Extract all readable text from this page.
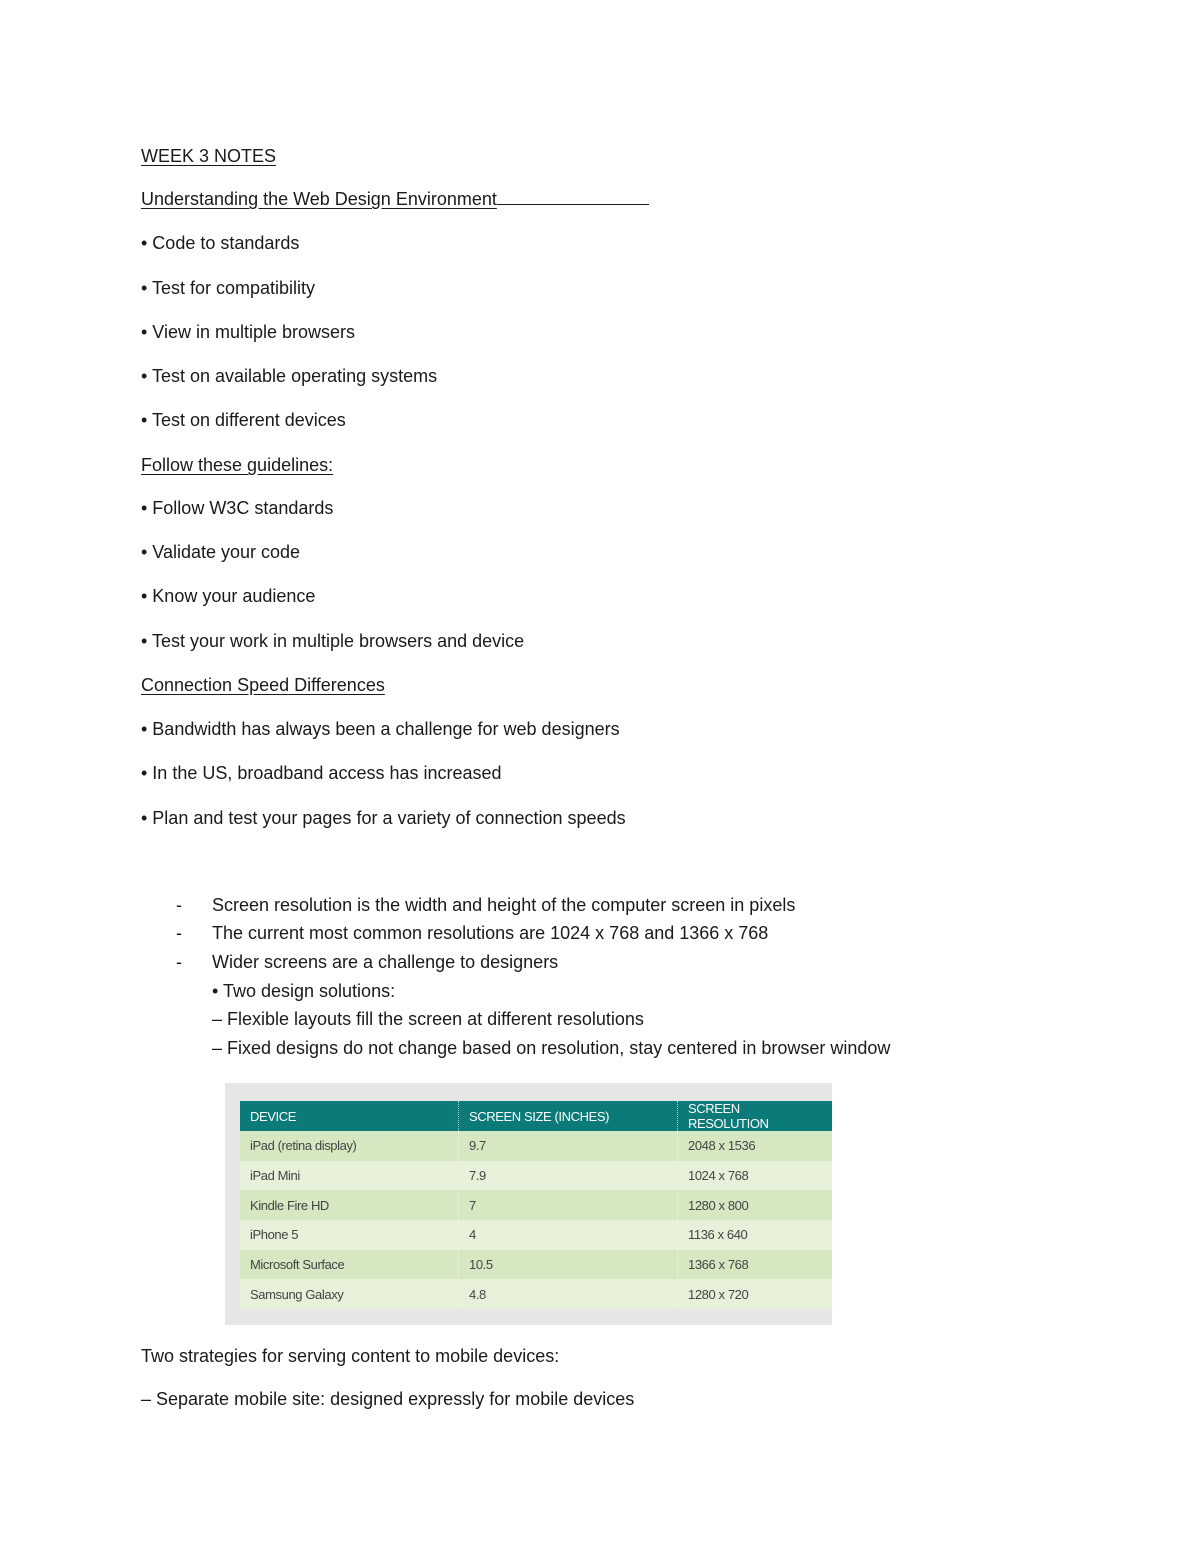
WEEK 3 NOTES
Understanding the Web Design Environment
• Code to standards
• Test for compatibility
• View in multiple browsers
• Test on available operating systems
• Test on different devices
Follow these guidelines:
• Follow W3C standards
• Validate your code
• Know your audience
• Test your work in multiple browsers and device
Connection Speed Differences
• Bandwidth has always been a challenge for web designers
• In the US, broadband access has increased
• Plan and test your pages for a variety of connection speeds
- Screen resolution is the width and height of the computer screen in pixels
- The current most common resolutions are 1024 x 768 and 1366 x 768
- Wider screens are a challenge to designers
• Two design solutions:
– Flexible layouts fill the screen at different resolutions
– Fixed designs do not change based on resolution, stay centered in browser window
DEVICE	SCREEN SIZE (INCHES)	SCREEN RESOLUTION
iPad (retina display)	9.7	2048 x 1536
iPad Mini	7.9	1024 x 768
Kindle Fire HD	7	1280 x 800
iPhone 5	4	1136 x 640
Microsoft Surface	10.5	1366 x 768
Samsung Galaxy	4.8	1280 x 720
Two strategies for serving content to mobile devices:
– Separate mobile site: designed expressly for mobile devices
